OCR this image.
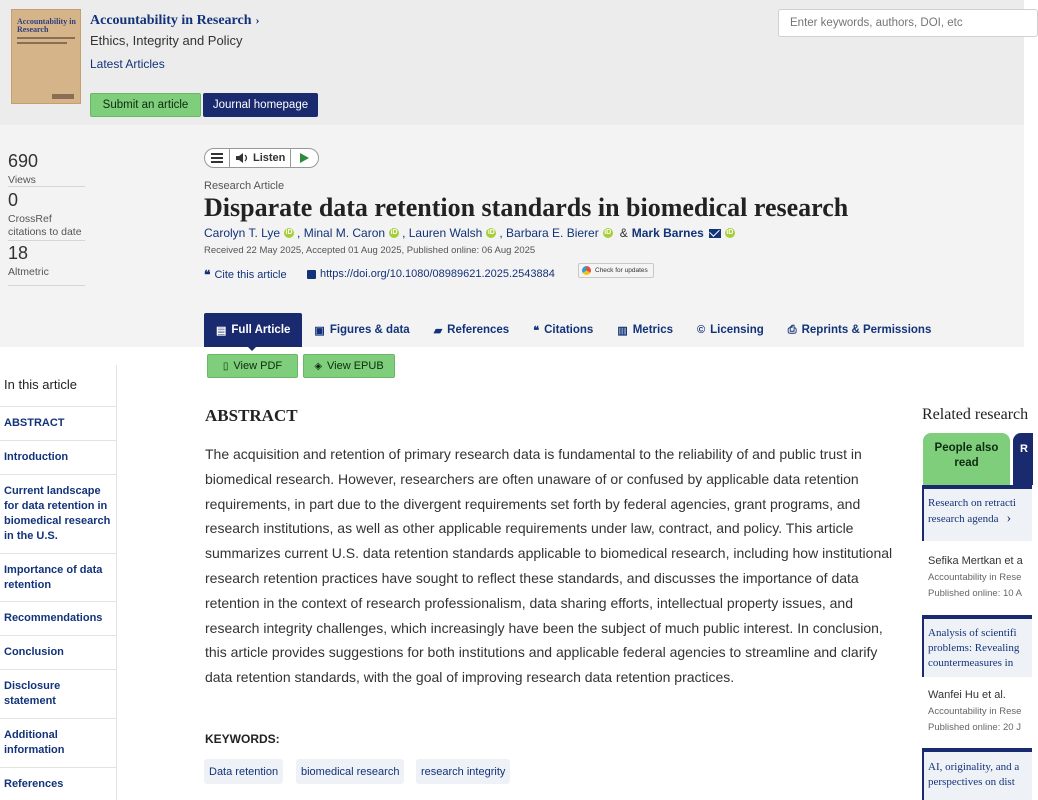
Accountability in Research
Accountability in Research ›
Ethics, Integrity and Policy
Latest Articles
Submit an article	Journal homepage
Enter keywords, authors, DOI, etc
690
Views
0
CrossRef citations to date
18
Altmetric
Listen
Research Article
Disparate data retention standards in biomedical research
Carolyn T. Lye iD , Minal M. Caron iD , Lauren Walsh iD , Barbara E. Bierer iD & Mark Barnes	iD
Received 22 May 2025, Accepted 01 Aug 2025, Published online: 06 Aug 2025
❝ Cite this article	https://doi.org/10.1080/08989621.2025.2543884	Check for updates
▤ Full Article ▣ Figures & data ▰ References ❝ Citations ▥ Metrics © Licensing ⎙ Reprints & Permissions
▯ View PDF	◈ View EPUB
In this article
ABSTRACT
Introduction
Current landscape for data retention in biomedical research in the U.S.
Importance of data retention
Recommendations
Conclusion
Disclosure statement
Additional information
References
ABSTRACT
The acquisition and retention of primary research data is fundamental to the reliability of and public trust in biomedical research. However, researchers are often unaware of or confused by applicable data retention requirements, in part due to the divergent requirements set forth by federal agencies, grant programs, and research institutions, as well as other applicable requirements under law, contract, and policy. This article summarizes current U.S. data retention standards applicable to biomedical research, including how institutional research retention practices have sought to reflect these standards, and discusses the importance of data retention in the context of research professionalism, data sharing efforts, intellectual property issues, and research integrity challenges, which increasingly have been the subject of much public interest. In conclusion, this article provides suggestions for both institutions and applicable federal agencies to streamline and clarify data retention standards, with the goal of improving research data retention practices.
KEYWORDS:
Data retention	biomedical research	research integrity
Related research
People also read
R
Research on retracti
research agenda ›
Sefika Mertkan et a
Accountability in Rese
Published online: 10 A
Analysis of scientifi
problems: Revealing
countermeasures in
Wanfei Hu et al.
Accountability in Rese
Published online: 20 J
AI, originality, and a
perspectives on dist
